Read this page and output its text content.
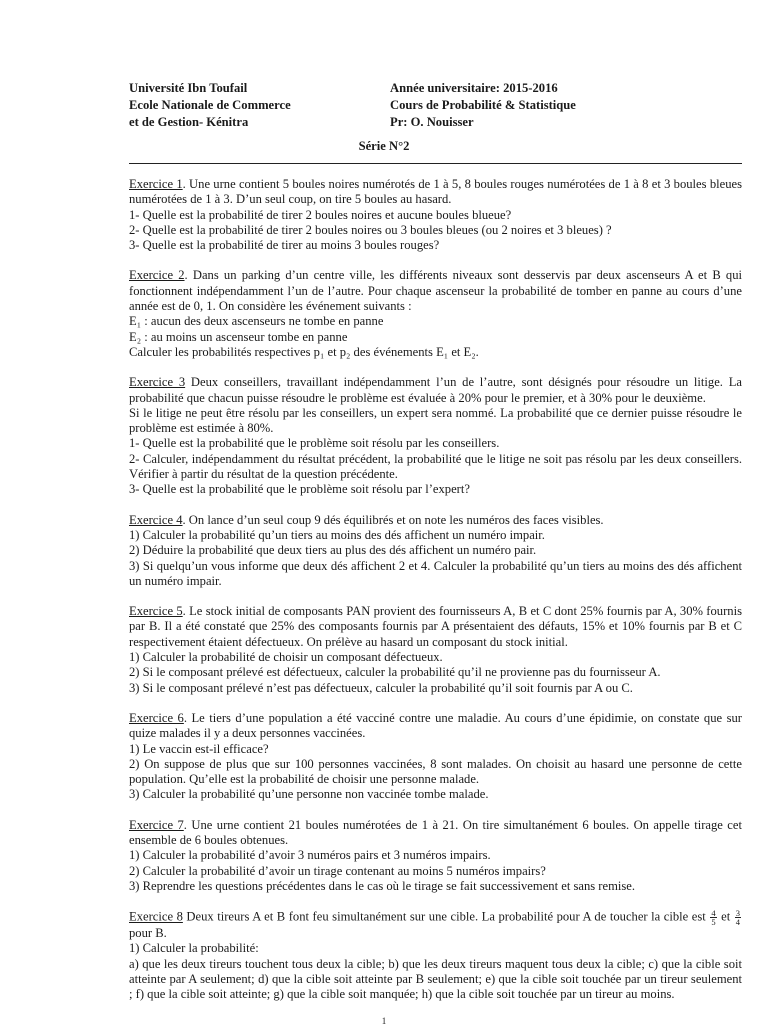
Université Ibn Toufail
Ecole Nationale de Commerce
et de Gestion- Kénitra
Année universitaire: 2015-2016
Cours de Probabilité & Statistique
Pr: O. Nouisser
Série N°2

Exercice 1. Une urne contient 5 boules noires numérotés de 1 à 5, 8 boules rouges numérotées de 1 à 8 et 3 boules bleues numérotées de 1 à 3. D’un seul coup, on tire 5 boules au hasard.

1- Quelle est la probabilité de tirer 2 boules noires et aucune boules blueue?

2- Quelle est la probabilité de tirer 2 boules noires ou 3 boules bleues (ou 2 noires et 3 bleues) ?

3- Quelle est la probabilité de tirer au moins 3 boules rouges?

Exercice 2. Dans un parking d’un centre ville, les différents niveaux sont desservis par deux ascenseurs A et B qui fonctionnent indépendamment l’un de l’autre. Pour chaque ascenseur la probabilité de tomber en panne au cours d’une année est de 0, 1. On considère les événement suivants :

E₁ : aucun des deux ascenseurs ne tombe en panne

E₂ : au moins un ascenseur tombe en panne

Calculer les probabilités respectives p₁ et p₂ des événements E₁ et E₂.

Exercice 3 Deux conseillers, travaillant indépendamment l’un de l’autre, sont désignés pour résoudre un litige. La probabilité que chacun puisse résoudre le problème est évaluée à 20% pour le premier, et à 30% pour le deuxième.

Si le litige ne peut être résolu par les conseillers, un expert sera nommé. La probabilité que ce dernier puisse résoudre le problème est estimée à 80%.

1- Quelle est la probabilité que le problème soit résolu par les conseillers.

2- Calculer, indépendamment du résultat précédent, la probabilité que le litige ne soit pas résolu par les deux conseillers. Vérifier à partir du résultat de la question précédente.

3- Quelle est la probabilité que le problème soit résolu par l’expert?

Exercice 4. On lance d’un seul coup 9 dés équilibrés et on note les numéros des faces visibles.

1) Calculer la probabilité qu’un tiers au moins des dés affichent un numéro impair.

2) Déduire la probabilité que deux tiers au plus des dés affichent un numéro pair.

3) Si quelqu’un vous informe que deux dés affichent 2 et 4. Calculer la probabilité qu’un tiers au moins des dés affichent un numéro impair.

Exercice 5. Le stock initial de composants PAN provient des fournisseurs A, B et C dont 25% fournis par A, 30% fournis par B. Il a été constaté que 25% des composants fournis par A présentaient des défauts, 15% et 10% fournis par B et C respectivement étaient défectueux. On prélève au hasard un composant du stock initial.

1) Calculer la probabilité de choisir un composant défectueux.

2) Si le composant prélevé est défectueux, calculer la probabilité qu’il ne provienne pas du fournisseur A.

3) Si le composant prélevé n’est pas défectueux, calculer la probabilité qu’il soit fournis par A ou C.

Exercice 6. Le tiers d’une population a été vacciné contre une maladie. Au cours d’une épidimie, on constate que sur quize malades il y a deux personnes vaccinées.

1) Le vaccin est-il efficace?

2) On suppose de plus que sur 100 personnes vaccinées, 8 sont malades. On choisit au hasard une personne de cette population. Qu’elle est la probabilité de choisir une personne malade.

3) Calculer la probabilité qu’une personne non vaccinée tombe malade.

Exercice 7. Une urne contient 21 boules numérotées de 1 à 21. On tire simultanément 6 boules. On appelle tirage cet ensemble de 6 boules obtenues.

1) Calculer la probabilité d’avoir 3 numéros pairs et 3 numéros impairs.

2) Calculer la probabilité d’avoir un tirage contenant au moins 5 numéros impairs?

3) Reprendre les questions précédentes dans le cas où le tirage se fait successivement et sans remise.

Exercice 8 Deux tireurs A et B font feu simultanément sur une cible. La probabilité pour A de toucher la cible est $\frac{4}{5}$ et $\frac{3}{4}$
pour B.

1) Calculer la probabilité:

a) que les deux tireurs touchent tous deux la cible; b) que les deux tireurs maquent tous deux la cible; c) que la cible soit atteinte par A seulement; d) que la cible soit atteinte par B seulement; e) que la cible soit touchée par un tireur seulement ; f) que la cible soit atteinte; g) que la cible soit manquée; h) que la cible soit touchée par un tireur au moins.

1
